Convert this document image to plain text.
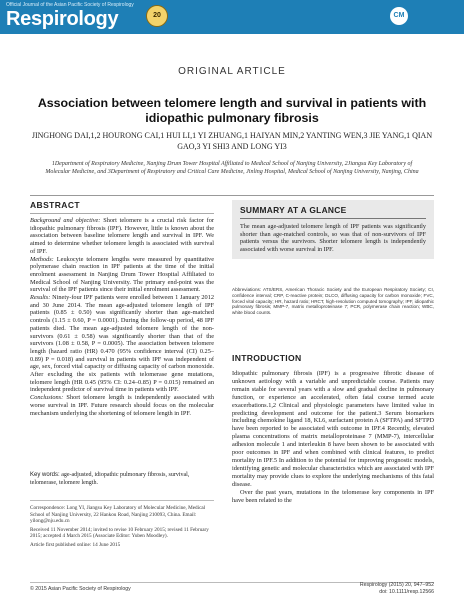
Official Journal of the Asian Pacific Society of Respirology
Respirology	20	CM
ORIGINAL ARTICLE
Association between telomere length and survival in patients with idiopathic pulmonary fibrosis
JINGHONG DAI,1,2 HOURONG CAI,1 HUI LI,1 YI ZHUANG,1 HAIYAN MIN,2 YANTING WEN,3 JIE YANG,1 QIAN GAO,3 YI SHI3 AND LONG YI3
1Department of Respiratory Medicine, Nanjing Drum Tower Hospital Affiliated to Medical School of Nanjing University, 2Jiangsu Key Laboratory of Molecular Medicine, and 3Department of Respiratory and Critical Care Medicine, Jinling Hospital, Medical School of Nanjing University, Nanjing, China
ABSTRACT
Background and objective: Short telomere is a crucial risk factor for idiopathic pulmonary fibrosis (IPF). However, little is known about the association between baseline telomere length and survival in IPF. We aimed to determine whether telomere length is associated with survival of IPF.
Methods: Leukocyte telomere lengths were measured by quantitative polymerase chain reaction in IPF patients at the time of the initial enrolment assessment in Nanjing Drum Tower Hospital Affiliated to Medical School of Nanjing University. The primary end-point was the survival of the IPF patients since their initial enrolment assessment.
Results: Ninety-four IPF patients were enrolled between 1 January 2012 and 30 June 2014. The mean age-adjusted telomere length of IPF patients (0.85 ± 0.50) was significantly shorter than age-matched controls (1.15 ± 0.60, P = 0.0001). During the follow-up period, 48 IPF patients died. The mean age-adjusted telomere length of the non-survivors (0.61 ± 0.58) was significantly shorter than that of the survivors (1.08 ± 0.58, P = 0.0005). The association between telomere length (hazard ratio (HR) 0.470 (95% confidence interval (CI) 0.25–0.89) P = 0.018) and survival in patients with IPF was independent of age, sex, forced vital capacity or diffusing capacity of carbon monoxide. After excluding the six patients with telomerase gene mutations, telomere length (HR 0.45 (95% CI: 0.24–0.85) P = 0.015) remained an independent predictor of survival time in patients with IPF.
Conclusions: Short telomere length is independently associated with worse survival in IPF. Future research should focus on the molecular mechanism underlying the shortening of telomere length in IPF.
Key words: age-adjusted, idiopathic pulmonary fibrosis, survival, telomerase, telomere length.

Correspondence: Long YI, Jiangsu Key Laboratory of Molecular Medicine, Medical School of Nanjing University, 22 Hankou Road, Nanjing 210093, China. Email: yilong@nju.edu.cn

Received 11 November 2014; invited to revise 10 February 2015; revised 11 February 2015; accepted 4 March 2015 (Associate Editor: Yuben Moodley).

Article first published online: 14 June 2015

SUMMARY AT A GLANCE
The mean age-adjusted telomere length of IPF patients was significantly shorter than age-matched controls, so was that of non-survivors of IPF patients versus the survivors. Shorter telomere length is independently associated with worse survival in IPF.
Abbreviations: ATS/ERS, American Thoracic Society and the European Respiratory Society; CI, confidence interval; CRP, C-reactive protein; DLCO, diffusing capacity for carbon monoxide; FVC, forced vital capacity; HR, hazard ratio; HRCT, high-resolution computed tomography; IPF, idiopathic pulmonary fibrosis; MMP-7, matrix metalloproteinase 7; PCR, polymerase chain reaction; WBC, white blood counts.
INTRODUCTION

Idiopathic pulmonary fibrosis (IPF) is a progressive fibrotic disease of unknown aetiology with a variable and unpredictable course. Patients may remain stable for several years with a slow and gradual decline in pulmonary function, or experience an accelerated, often fatal course termed acute exacerbations.1,2 Clinical and physiologic parameters have limited value in predicting development and outcome for the patient.3 Serum biomarkers including chemokine ligand 18, KL6, surfactant protein A (SFTPA) and SFTPD have been reported to be associated with outcome in IPF.4 Recently, elevated plasma concentrations of matrix metalloproteinase 7 (MMP-7), intercellular adhesion molecule 1 and interleukin 8 have been shown to be associated with poor outcomes in IPF and when combined with clinical features, to predict mortality in IPF.5 In addition to the potential for improving prognostic models, identifying genetic and molecular characteristics which are associated with IPF mortality may provide clues to explore the underlying mechanisms of this fatal disease.

Over the past years, mutations in the telomerase key components in IPF have been related to the

© 2015 Asian Pacific Society of Respirology
Respirology (2015) 20, 947–952
doi: 10.1111/resp.12566
